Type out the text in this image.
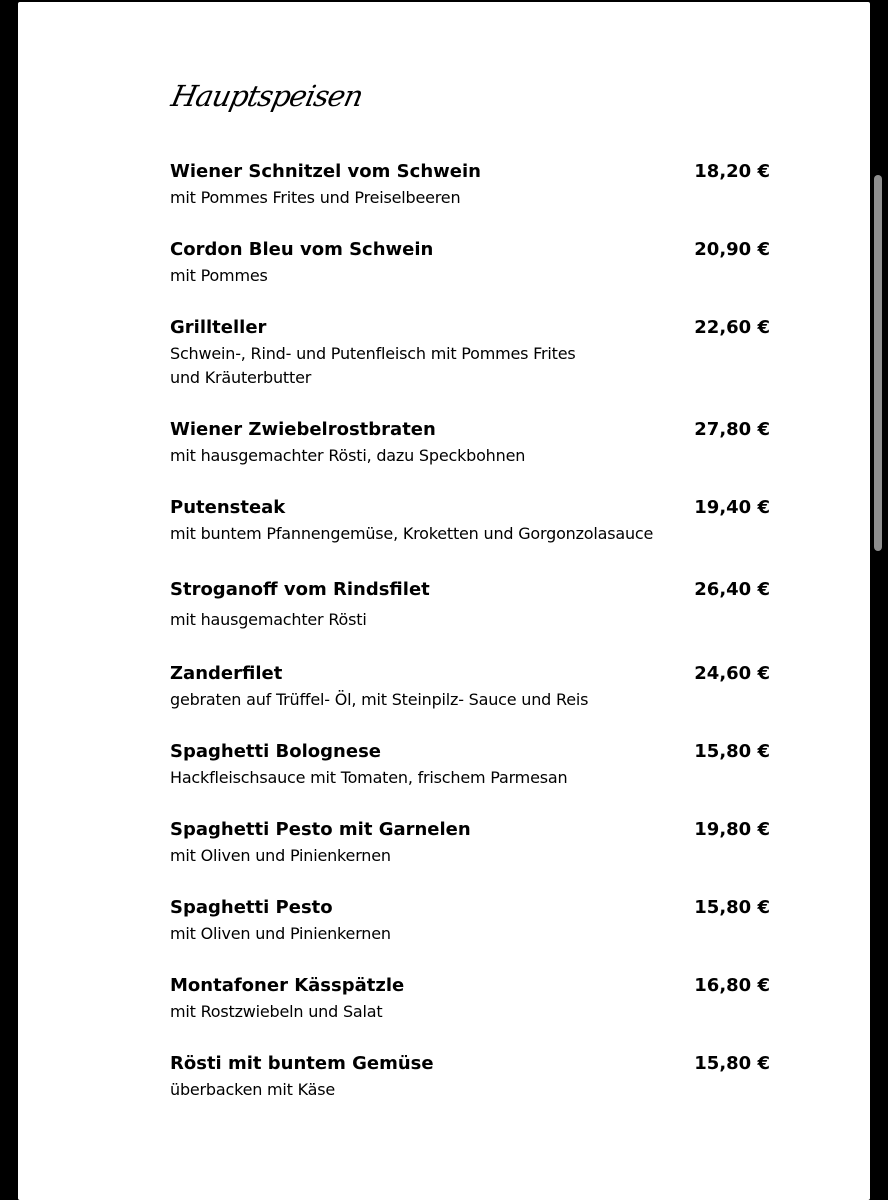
Hauptspeisen
Wiener Schnitzel vom Schwein	18,20 €
mit Pommes Frites und Preiselbeeren
Cordon Bleu vom Schwein	20,90 €
mit Pommes
Grillteller	22,60 €
Schwein-, Rind- und Putenfleisch mit Pommes Frites
und Kräuterbutter
Wiener Zwiebelrostbraten	27,80 €
mit hausgemachter Rösti, dazu Speckbohnen
Putensteak	19,40 €
mit buntem Pfannengemüse, Kroketten und Gorgonzolasauce
Stroganoff vom Rindsfilet	26,40 €
mit hausgemachter Rösti
Zanderfilet	24,60 €
gebraten auf Trüffel- Öl, mit Steinpilz- Sauce und Reis
Spaghetti Bolognese	15,80 €
Hackfleischsauce mit Tomaten, frischem Parmesan
Spaghetti Pesto mit Garnelen	19,80 €
mit Oliven und Pinienkernen
Spaghetti Pesto	15,80 €
mit Oliven und Pinienkernen
Montafoner Kässpätzle	16,80 €
mit Rostzwiebeln und Salat
Rösti mit buntem Gemüse	15,80 €
überbacken mit Käse
